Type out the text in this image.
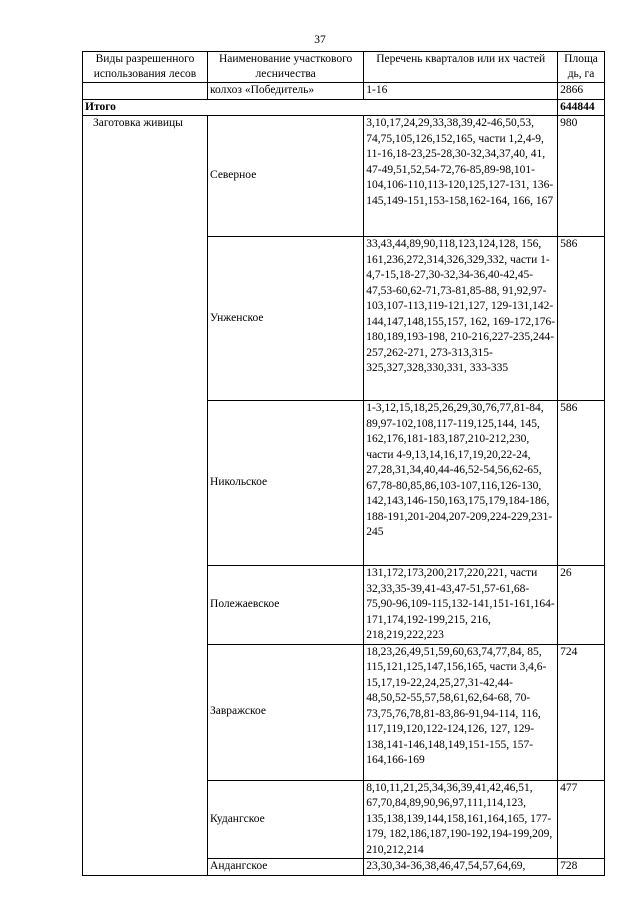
37
Виды разрешенного использования лесов	Наименование участкового лесничества	Перечень кварталов или их частей	Площа дь, га
	колхоз «Победитель»	1-16	2866
Итого			644844
Заготовка живицы	Северное	3,10,17,24,29,33,38,39,42-46,50,53, 74,75,105,126,152,165, части 1,2,4-9, 11-16,18-23,25-28,30-32,34,37,40, 41, 47-49,51,52,54-72,76-85,89-98,101-104,106-110,113-120,125,127-131, 136-145,149-151,153-158,162-164, 166, 167	980
	Унженское	33,43,44,89,90,118,123,124,128, 156, 161,236,272,314,326,329,332, части 1-4,7-15,18-27,30-32,34-36,40-42,45-47,53-60,62-71,73-81,85-88, 91,92,97-103,107-113,119-121,127, 129-131,142-144,147,148,155,157, 162, 169-172,176-180,189,193-198, 210-216,227-235,244-257,262-271, 273-313,315-325,327,328,330,331, 333-335	586
	Никольское	1-3,12,15,18,25,26,29,30,76,77,81-84, 89,97-102,108,117-119,125,144, 145, 162,176,181-183,187,210-212,230, части 4-9,13,14,16,17,19,20,22-24, 27,28,31,34,40,44-46,52-54,56,62-65, 67,78-80,85,86,103-107,116,126-130, 142,143,146-150,163,175,179,184-186, 188-191,201-204,207-209,224-229,231-245	586
	Полежаевское	131,172,173,200,217,220,221, части 32,33,35-39,41-43,47-51,57-61,68-75,90-96,109-115,132-141,151-161,164-171,174,192-199,215, 216, 218,219,222,223	26
	Завражское	18,23,26,49,51,59,60,63,74,77,84, 85, 115,121,125,147,156,165, части 3,4,6-15,17,19-22,24,25,27,31-42,44-48,50,52-55,57,58,61,62,64-68, 70-73,75,76,78,81-83,86-91,94-114, 116, 117,119,120,122-124,126, 127, 129-138,141-146,148,149,151-155, 157-164,166-169	724
	Кудангское	8,10,11,21,25,34,36,39,41,42,46,51, 67,70,84,89,90,96,97,111,114,123, 135,138,139,144,158,161,164,165, 177-179, 182,186,187,190-192,194-199,209, 210,212,214	477
	Андангское	23,30,34-36,38,46,47,54,57,64,69,	728
